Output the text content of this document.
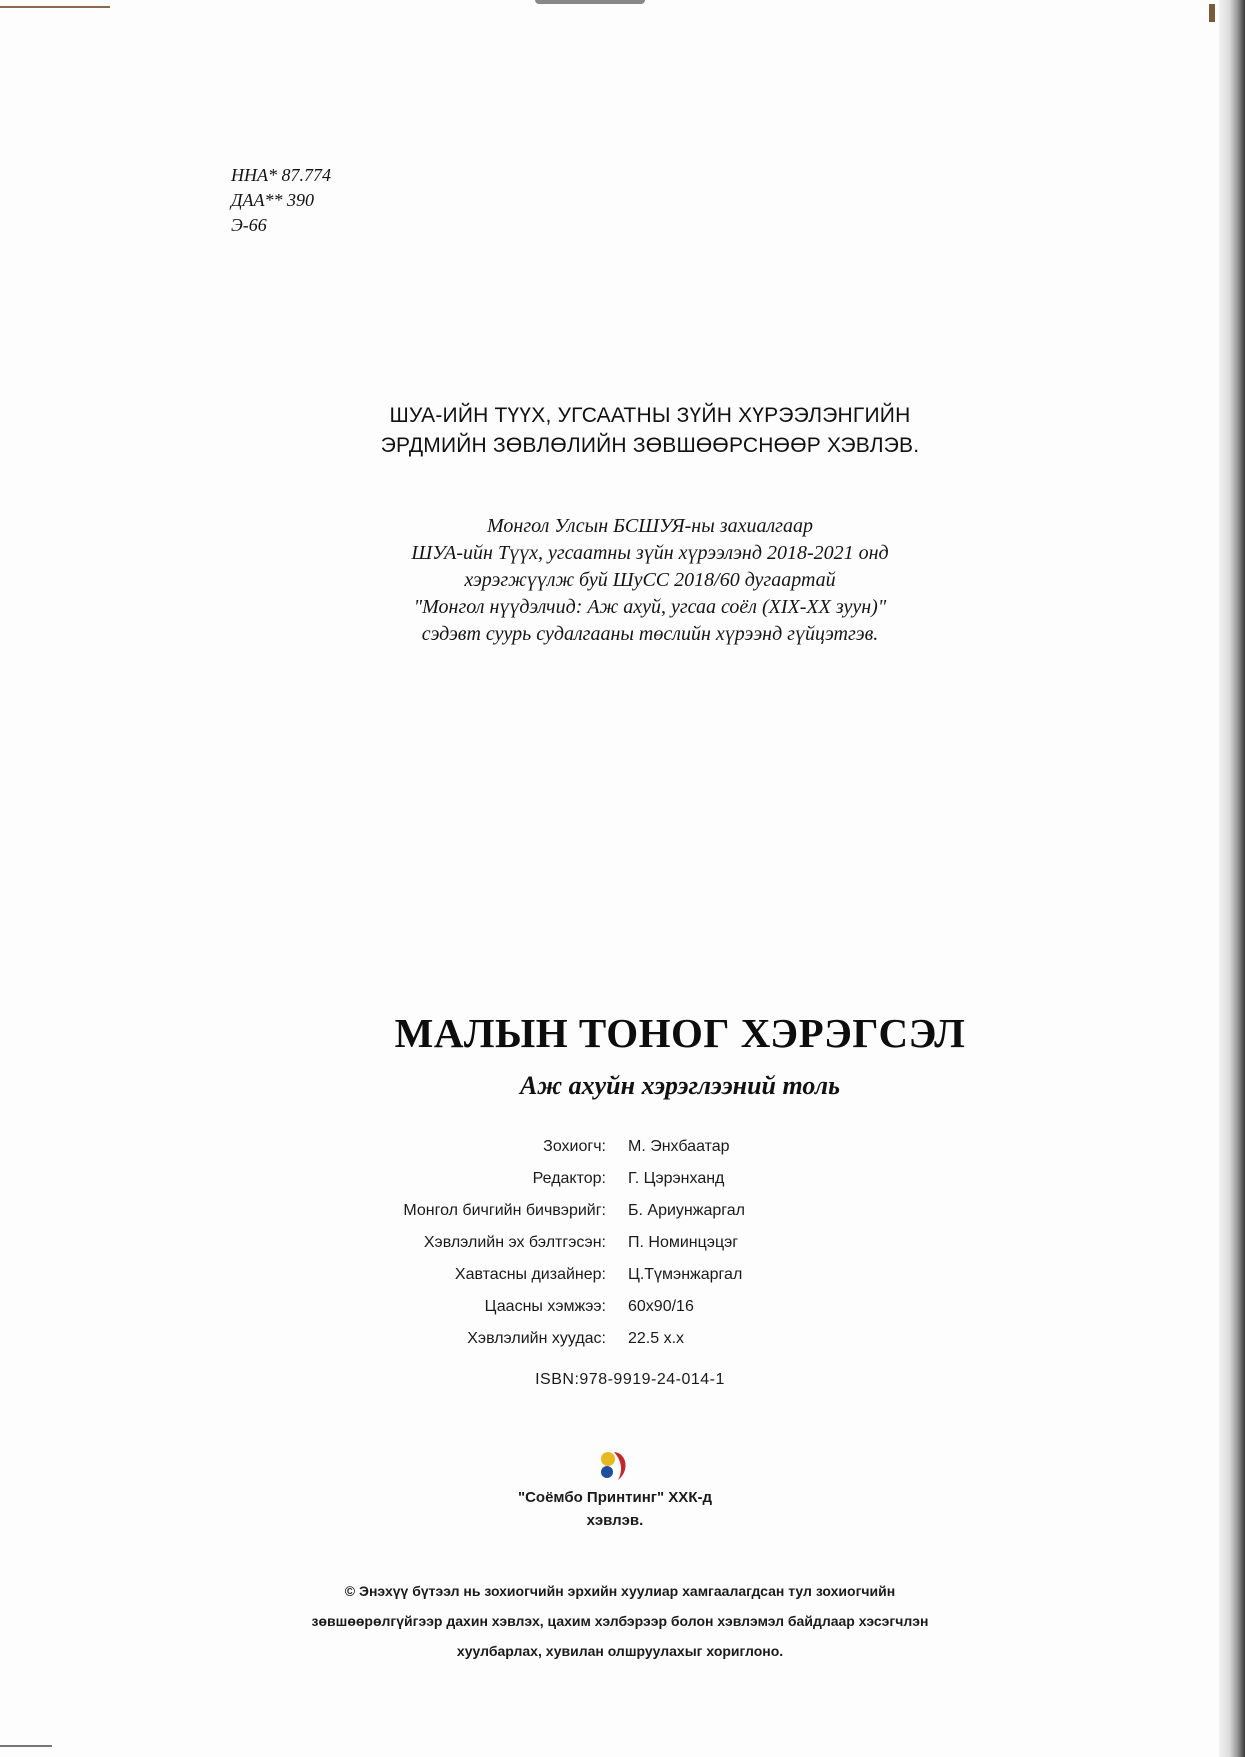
ННА* 87.774
ДАА** 390
Э-66
ШУА-ИЙН ТҮҮХ, УГСААТНЫ ЗҮЙН ХҮРЭЭЛЭНГИЙН
ЭРДМИЙН ЗӨВЛӨЛИЙН ЗӨВШӨӨРСНӨӨР ХЭВЛЭВ.
Монгол Улсын БСШУЯ-ны захиалгаар
ШУА-ийн Түүх, угсаатны зүйн хүрээлэнд 2018-2021 онд
хэрэгжүүлж буй ШуСС 2018/60 дугаартай
"Монгол нүүдэлчид: Аж ахуй, угсаа соёл (XIX-XX зуун)"
сэдэвт суурь судалгааны төслийн хүрээнд гүйцэтгэв.
МАЛЫН ТОНОГ ХЭРЭГСЭЛ
Аж ахуйн хэрэглээний толь
Зохиогч:	М. Энхбаатар
Редактор:	Г. Цэрэнханд
Монгол бичгийн бичвэрийг:	Б. Ариунжаргал
Хэвлэлийн эх бэлтгэсэн:	П. Номинцэцэг
Хавтасны дизайнер:	Ц.Түмэнжаргал
Цаасны хэмжээ:	60x90/16
Хэвлэлийн хуудас:	22.5 х.х
ISBN:978-9919-24-014-1
"Соёмбо Принтинг" ХХК-д
хэвлэв.
© Энэхүү бүтээл нь зохиогчийн эрхийн хуулиар хамгаалагдсан тул зохиогчийн
зөвшөөрөлгүйгээр дахин хэвлэх, цахим хэлбэрээр болон хэвлэмэл байдлаар хэсэгчлэн
хуулбарлах, хувилан олшруулахыг хориглоно.
